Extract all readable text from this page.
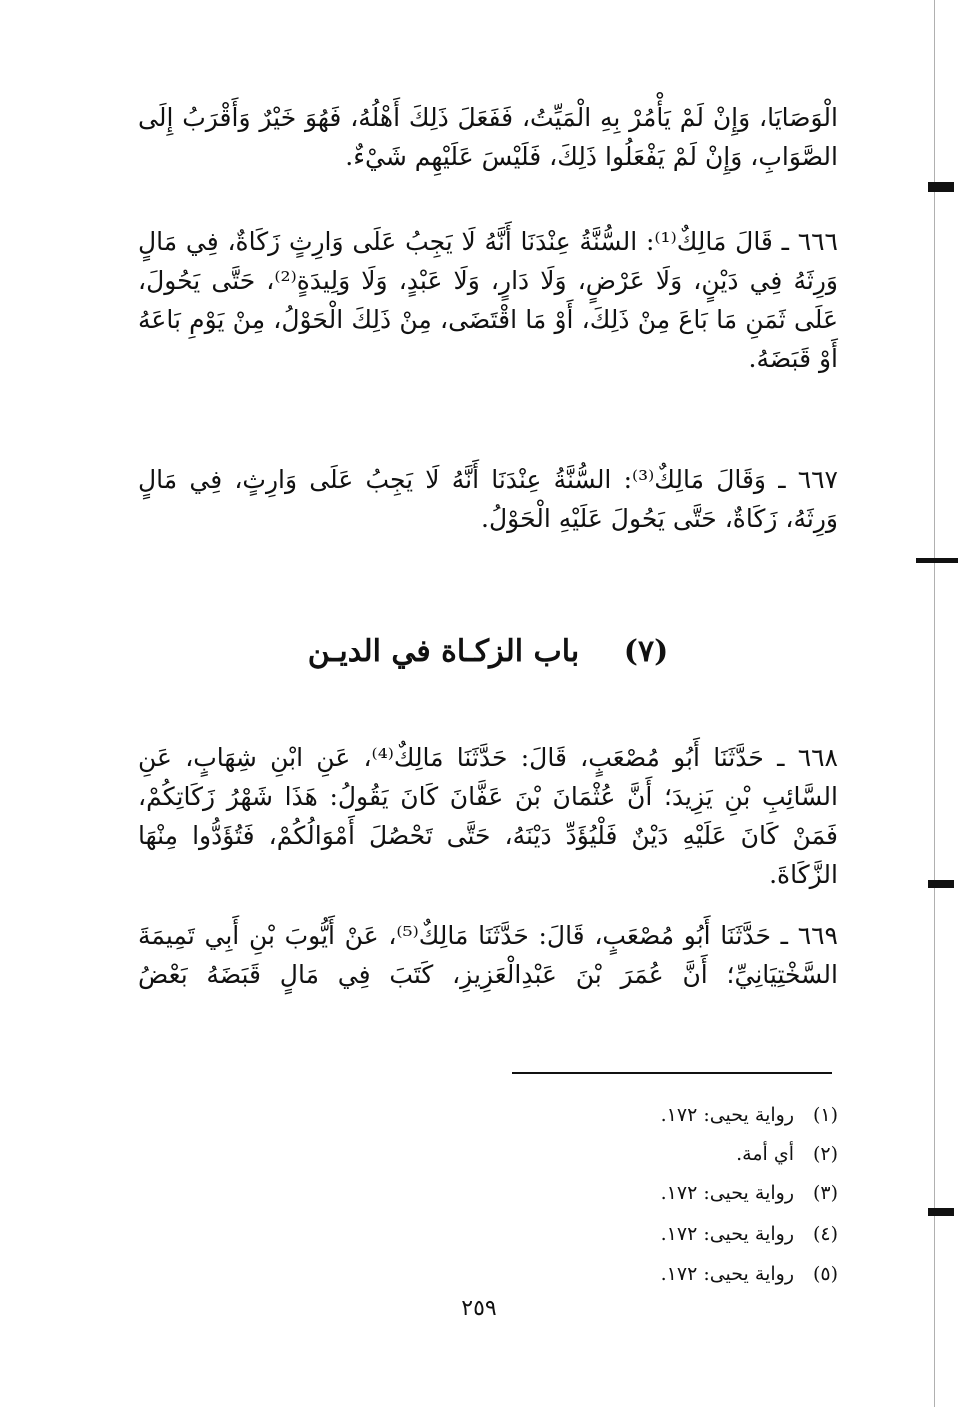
الْوَصَايَا، وَإِنْ لَمْ يَأْمُرْ بِهِ الْمَيِّتُ، فَفَعَلَ ذَلِكَ أَهْلُهُ، فَهُوَ خَيْرٌ وَأَقْرَبُ إِلَى الصَّوَابِ، وَإِنْ لَمْ يَفْعَلُوا ذَلِكَ، فَلَيْسَ عَلَيْهِم شَيْءٌ.

٦٦٦ ـ قَالَ مَالِكٌ⁽¹⁾: السُّنَّةُ عِنْدَنَا أَنَّهُ لَا يَجِبُ عَلَى وَارِثٍ زَكَاةٌ، فِي مَالٍ وَرِثَهُ فِي دَيْنٍ، وَلَا عَرْضٍ، وَلَا دَارٍ، وَلَا عَبْدٍ، وَلَا وَلِيدَةٍ⁽²⁾، حَتَّى يَحُولَ، عَلَى ثَمَنِ مَا بَاعَ مِنْ ذَلِكَ، أَوْ مَا اقْتَضَى، مِنْ ذَلِكَ الْحَوْلُ، مِنْ يَوْمِ بَاعَهُ أَوْ قَبَضَهُ.

٦٦٧ ـ وَقَالَ مَالِكٌ⁽³⁾: السُّنَّةُ عِنْدَنَا أَنَّهُ لَا يَجِبُ عَلَى وَارِثٍ، فِي مَالٍ وَرِثَهُ، زَكَاةٌ، حَتَّى يَحُولَ عَلَيْهِ الْحَوْلُ.

(٧) باب الزكـاة في الديـن

٦٦٨ ـ حَدَّثَنَا أَبُو مُصْعَبٍ، قَالَ: حَدَّثَنَا مَالِكٌ⁽⁴⁾، عَنِ ابْنِ شِهَابٍ، عَنِ السَّائِبِ بْنِ يَزِيدَ؛ أَنَّ عُثْمَانَ بْنَ عَفَّانَ كَانَ يَقُولُ: هَذَا شَهْرُ زَكَاتِكُمْ، فَمَنْ كَانَ عَلَيْهِ دَيْنٌ فَلْيُؤَدِّ دَيْنَهُ، حَتَّى تَحْصُلَ أَمْوَالُكُمْ، فَتُؤَدُّوا مِنْهَا الزَّكَاةَ.

٦٦٩ ـ حَدَّثَنَا أَبُو مُصْعَبٍ، قَالَ: حَدَّثَنَا مَالِكٌ⁽⁵⁾، عَنْ أَيُّوبَ بْنِ أَبِي تَمِيمَةَ السَّخْتِيَانِيِّ؛ أَنَّ عُمَرَ بْنَ عَبْدِالْعَزِيزِ، كَتَبَ فِي مَالٍ قَبَضَهُ بَعْضُ

(١)رواية يحيى: ١٧٢.
(٢)أي أمة.
(٣)رواية يحيى: ١٧٢.
(٤)رواية يحيى: ١٧٢.
(٥)رواية يحيى: ١٧٢.
٢٥٩
